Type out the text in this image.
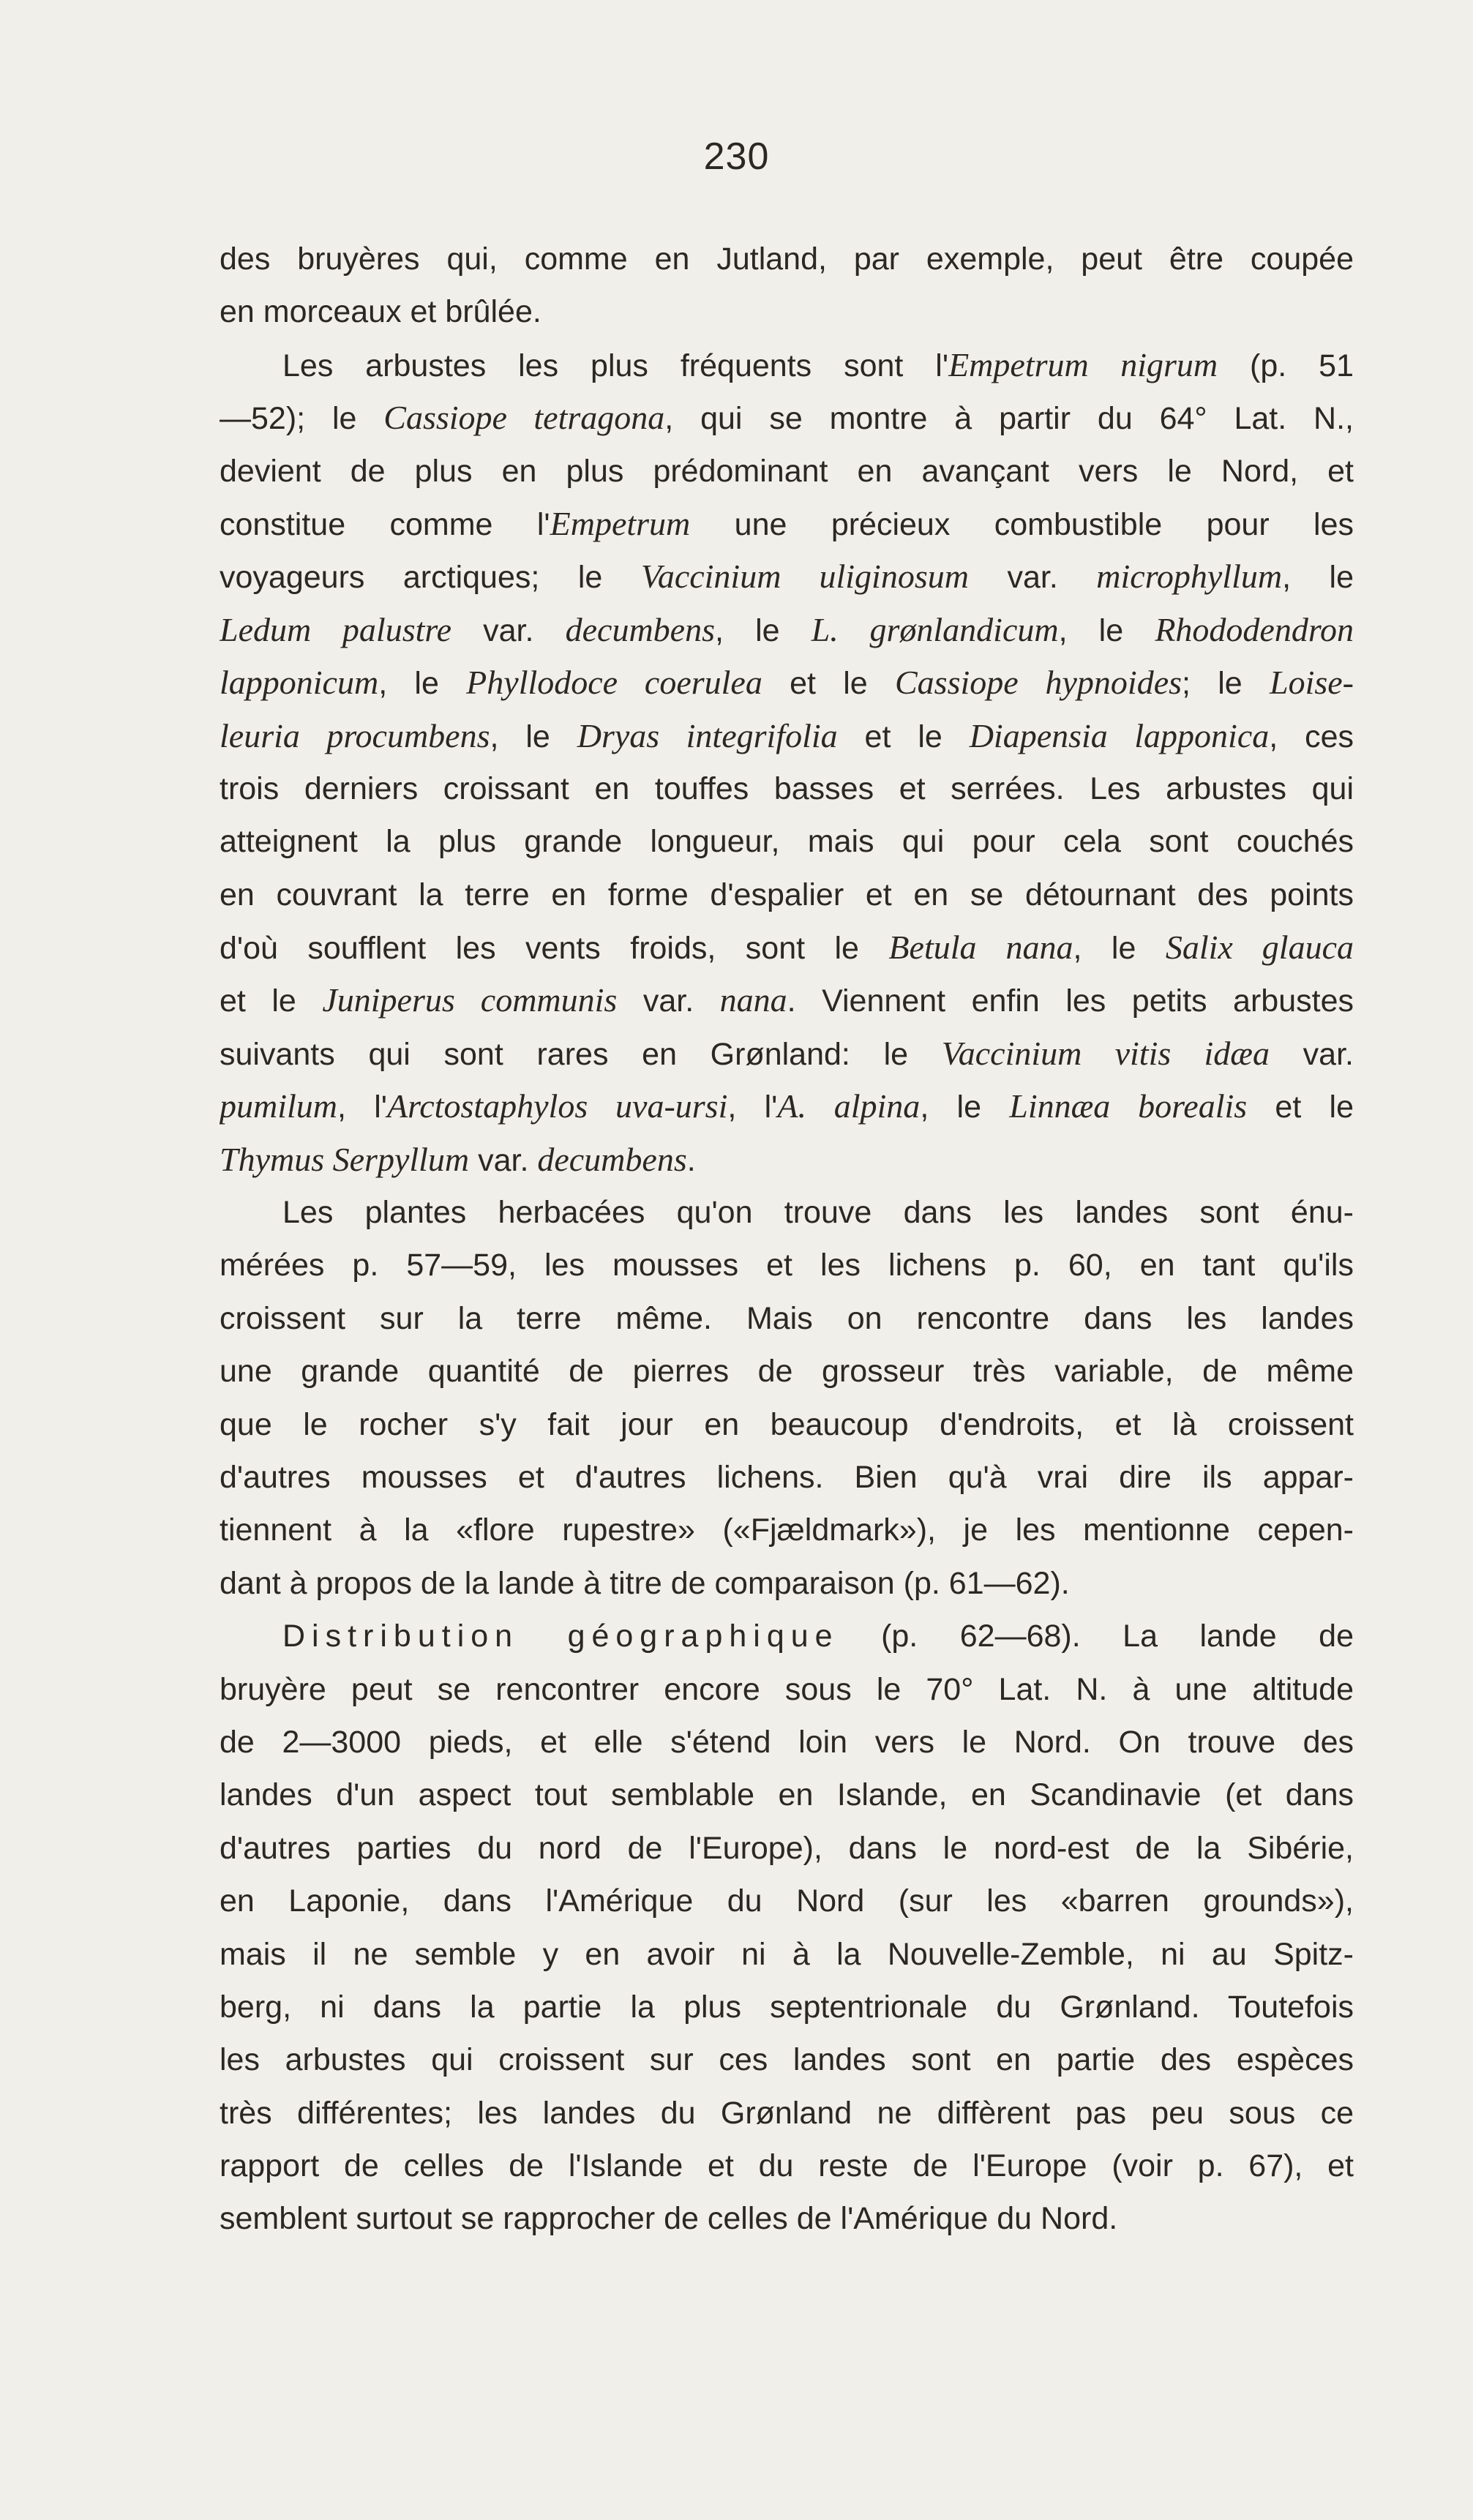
230
des bruyères qui, comme en Jutland, par exemple, peut être coupée
en morceaux et brûlée.
Les arbustes les plus fréquents sont l'Empetrum nigrum (p. 51
—52); le Cassiope tetragona, qui se montre à partir du 64° Lat. N.,
devient de plus en plus prédominant en avançant vers le Nord, et
constitue comme l'Empetrum une précieux combustible pour les
voyageurs arctiques; le Vaccinium uliginosum var. microphyllum, le
Ledum palustre var. decumbens, le L. grønlandicum, le Rhododendron
lapponicum, le Phyllodoce coerulea et le Cassiope hypnoides; le Loise-
leuria procumbens, le Dryas integrifolia et le Diapensia lapponica, ces
trois derniers croissant en touffes basses et serrées. Les arbustes qui
atteignent la plus grande longueur, mais qui pour cela sont couchés
en couvrant la terre en forme d'espalier et en se détournant des points
d'où soufflent les vents froids, sont le Betula nana, le Salix glauca
et le Juniperus communis var. nana. Viennent enfin les petits arbustes
suivants qui sont rares en Grønland: le Vaccinium vitis idæa var.
pumilum, l'Arctostaphylos uva-ursi, l'A. alpina, le Linnæa borealis et le
Thymus Serpyllum var. decumbens.
Les plantes herbacées qu'on trouve dans les landes sont énu-
mérées p. 57—59, les mousses et les lichens p. 60, en tant qu'ils
croissent sur la terre même. Mais on rencontre dans les landes
une grande quantité de pierres de grosseur très variable, de même
que le rocher s'y fait jour en beaucoup d'endroits, et là croissent
d'autres mousses et d'autres lichens. Bien qu'à vrai dire ils appar-
tiennent à la «flore rupestre» («Fjældmark»), je les mentionne cepen-
dant à propos de la lande à titre de comparaison (p. 61—62).
Distribution géographique (p. 62—68). La lande de
bruyère peut se rencontrer encore sous le 70° Lat. N. à une altitude
de 2—3000 pieds, et elle s'étend loin vers le Nord. On trouve des
landes d'un aspect tout semblable en Islande, en Scandinavie (et dans
d'autres parties du nord de l'Europe), dans le nord-est de la Sibérie,
en Laponie, dans l'Amérique du Nord (sur les «barren grounds»),
mais il ne semble y en avoir ni à la Nouvelle-Zemble, ni au Spitz-
berg, ni dans la partie la plus septentrionale du Grønland. Toutefois
les arbustes qui croissent sur ces landes sont en partie des espèces
très différentes; les landes du Grønland ne diffèrent pas peu sous ce
rapport de celles de l'Islande et du reste de l'Europe (voir p. 67), et
semblent surtout se rapprocher de celles de l'Amérique du Nord.
